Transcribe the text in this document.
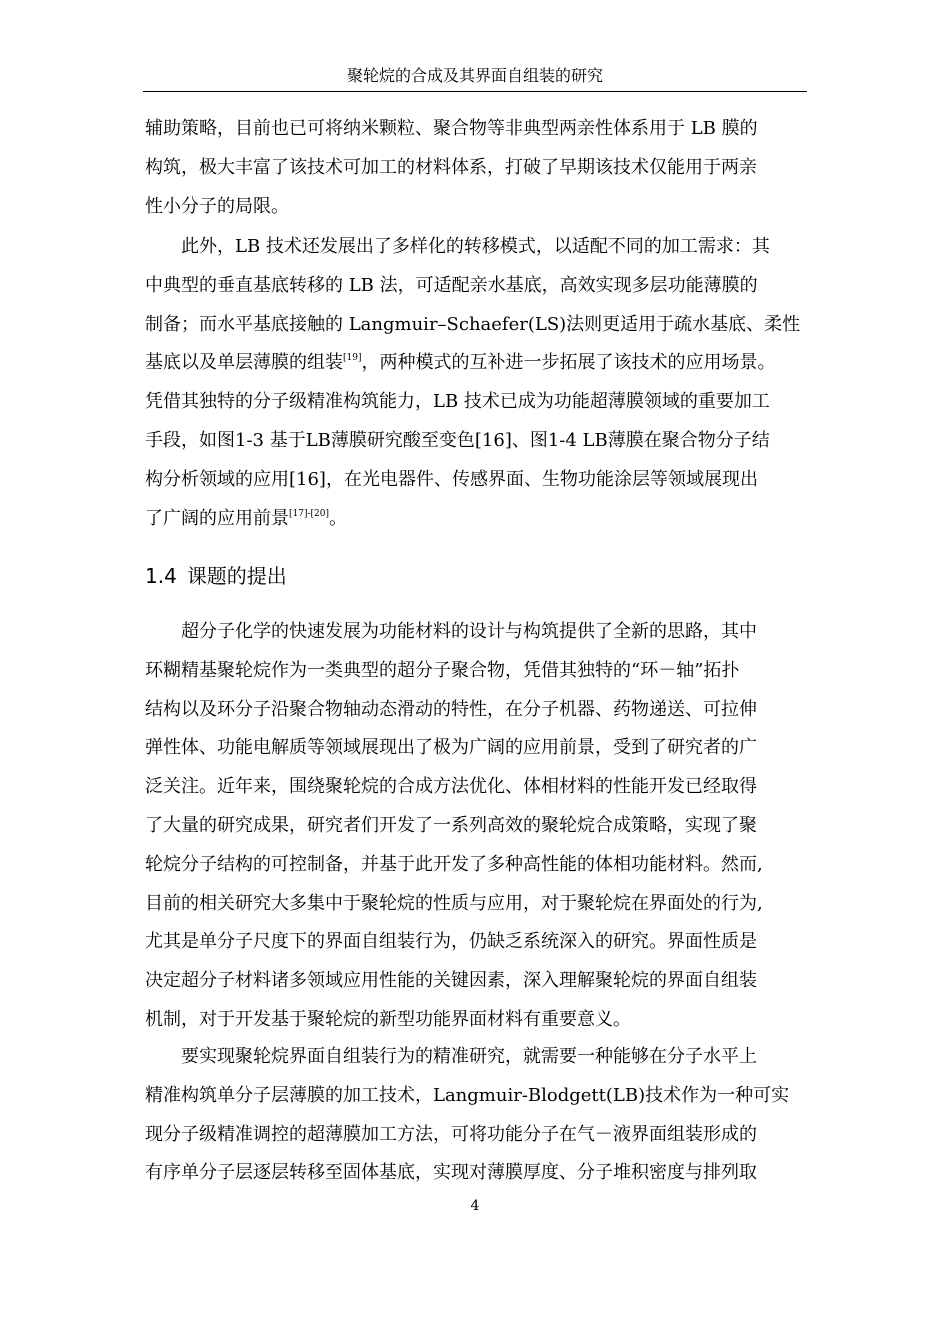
聚轮烷的合成及其界面自组装的研究

辅助策略，目前也已可将纳米颗粒、聚合物等非典型两亲性体系用于 LB 膜的
构筑，极大丰富了该技术可加工的材料体系，打破了早期该技术仅能用于两亲
性小分子的局限。

此外，LB 技术还发展出了多样化的转移模式，以适配不同的加工需求：其
中典型的垂直基底转移的 LB 法，可适配亲水基底，高效实现多层功能薄膜的
制备；而水平基底接触的 Langmuir–Schaefer(LS)法则更适用于疏水基底、柔性
基底以及单层薄膜的组装[19]，两种模式的互补进一步拓展了该技术的应用场景。
凭借其独特的分子级精准构筑能力，LB 技术已成为功能超薄膜领域的重要加工
手段，如图1-3 基于LB薄膜研究酸至变色[16]、图1-4 LB薄膜在聚合物分子结
构分析领域的应用[16]，在光电器件、传感界面、生物功能涂层等领域展现出
了广阔的应用前景[17]-[20]。

1.4 课题的提出

超分子化学的快速发展为功能材料的设计与构筑提供了全新的思路，其中
环糊精基聚轮烷作为一类典型的超分子聚合物，凭借其独特的“环－轴”拓扑
结构以及环分子沿聚合物轴动态滑动的特性，在分子机器、药物递送、可拉伸
弹性体、功能电解质等领域展现出了极为广阔的应用前景，受到了研究者的广
泛关注。近年来，围绕聚轮烷的合成方法优化、体相材料的性能开发已经取得
了大量的研究成果，研究者们开发了一系列高效的聚轮烷合成策略，实现了聚
轮烷分子结构的可控制备，并基于此开发了多种高性能的体相功能材料。然而,
目前的相关研究大多集中于聚轮烷的性质与应用，对于聚轮烷在界面处的行为,
尤其是单分子尺度下的界面自组装行为，仍缺乏系统深入的研究。界面性质是
决定超分子材料诸多领域应用性能的关键因素，深入理解聚轮烷的界面自组装
机制，对于开发基于聚轮烷的新型功能界面材料有重要意义。

要实现聚轮烷界面自组装行为的精准研究，就需要一种能够在分子水平上
精准构筑单分子层薄膜的加工技术，Langmuir-Blodgett(LB)技术作为一种可实
现分子级精准调控的超薄膜加工方法，可将功能分子在气－液界面组装形成的
有序单分子层逐层转移至固体基底，实现对薄膜厚度、分子堆积密度与排列取

4
